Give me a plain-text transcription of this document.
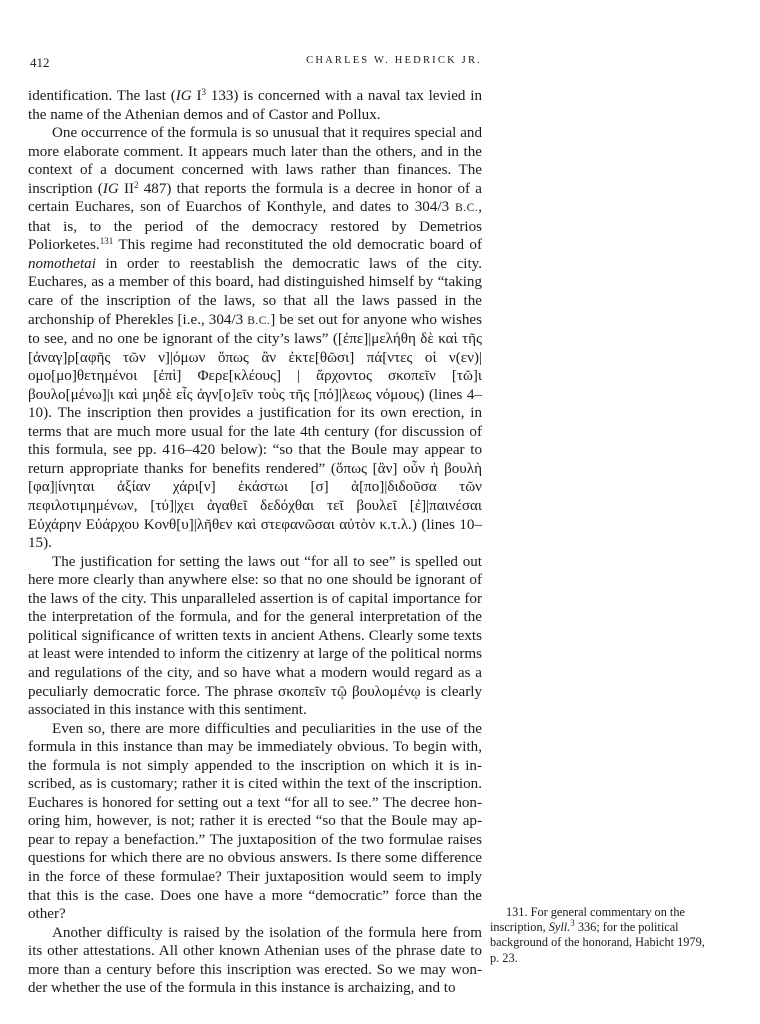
412	CHARLES W. HEDRICK JR.

identification. The last (IG $I^3$ 133) is concerned with a naval tax levied in the name of the Athenian demos and of Castor and Pollux.

One occurrence of the formula is so unusual that it requires special and more elaborate comment. It appears much later than the others, and in the context of a document concerned with laws rather than finances. The inscription (IG $II^2$ 487) that reports the formula is a decree in honor of a certain Euchares, son of Euarchos of Konthyle, and dates to 304/3 B.C., that is, to the period of the democracy restored by Demetrios Poliorketes.$^{131}$ This regime had reconstituted the old democratic board of nomothetai in order to reestablish the democratic laws of the city. Euchares, as a member of this board, had distinguished himself by “taking care of the inscription of the laws, so that all the laws passed in the archonship of Pherekles [i.e., 304/3 B.C.] be set out for anyone who wishes to see, and no one be ignorant of the city’s laws” ([ἐπε]|μελήθη δὲ καὶ τῆς [ἀναγ]ρ[αφῆς τῶν ν]|όμων ὅπως ἂν ἐκτε[θῶσι] πά[ντες οἱ ν(εν)|ομο[μο]θετημένοι [ἐπὶ] Φερε[κλέους] | ἄρχοντος σκοπεῖν [τῶ]ι βουλο[μένω]|ι καὶ μηδὲ εἷς ἀγν[ο]εῖν τοὺς τῆς [πό]|λεως νόμους) (lines 4–10). The inscription then provides a justification for its own erection, in terms that are much more usual for the late 4th century (for discussion of this formula, see pp. 416–420 below): “so that the Boule may appear to return appropriate thanks for benefits rendered” (ὅπως [ἂν] οὖν ἡ βουλὴ [φα]|ίνηται ἀξίαν χάρι[ν] ἑκάστωι [σ] ἀ[πο]|διδοῦσα τῶν πεφιλοτιμημένων, [τύ]|χει ἀγαθεῖ δεδόχθαι τεῖ βουλεῖ [ἐ]|παινέσαι Εὐχάρην Εὐάρχου Κονθ[υ]|λῆθεν καὶ στεφανῶσαι αὐτὸν κ.τ.λ.) (lines 10–15).

The justification for setting the laws out “for all to see” is spelled out here more clearly than anywhere else: so that no one should be ignorant of the laws of the city. This unparalleled assertion is of capital importance for the interpretation of the formula, and for the general interpretation of the political significance of written texts in ancient Athens. Clearly some texts at least were intended to inform the citizenry at large of the political norms and regulations of the city, and so have what a modern would regard as a peculiarly democratic force. The phrase σκοπεῖν τῷ βουλομένῳ is clearly associated in this instance with this sentiment.

Even so, there are more difficulties and peculiarities in the use of the formula in this instance than may be immediately obvious. To begin with, the formula is not simply appended to the inscription on which it is inscribed, as is customary; rather it is cited within the text of the inscription. Euchares is honored for setting out a text “for all to see.” The decree honoring him, however, is not; rather it is erected “so that the Boule may appear to repay a benefaction.” The juxtaposition of the two formulae raises questions for which there are no obvious answers. Is there some difference in the force of these formulae? Their juxtaposition would seem to imply that this is the case. Does one have a more “democratic” force than the other?

Another difficulty is raised by the isolation of the formula here from its other attestations. All other known Athenian uses of the phrase date to more than a century before this inscription was erected. So we may wonder whether the use of the formula in this instance is archaizing, and to

131. For general commentary on the inscription, Syll.$^3$ 336; for the political background of the honorand, Habicht 1979, p. 23.
